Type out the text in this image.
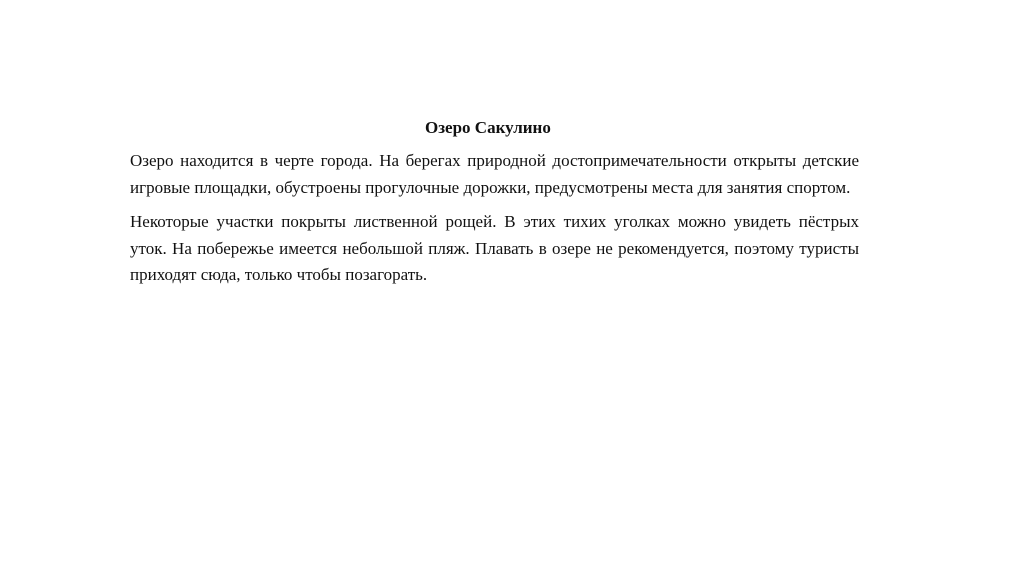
Озеро Сакулино

Озеро находится в черте города. На берегах природной достопримечательности открыты детские игровые площадки, обустроены прогулочные дорожки, предусмотрены места для занятия спортом.

Некоторые участки покрыты лиственной рощей. В этих тихих уголках можно увидеть пёстрых уток. На побережье имеется небольшой пляж. Плавать в озере не рекомендуется, поэтому туристы приходят сюда, только чтобы позагорать.
